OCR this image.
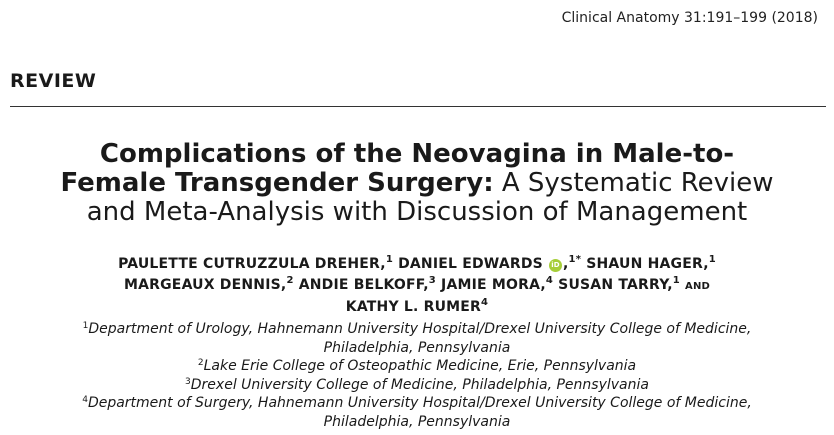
Clinical Anatomy 31:191–199 (2018)
REVIEW
Complications of the Neovagina in Male-to-
Female Transgender Surgery: A Systematic Review
and Meta-Analysis with Discussion of Management
PAULETTE CUTRUZZULA DREHER,$^1$ DANIEL EDWARDS iD ,$^{1*}$ SHAUN HAGER,$^1$
MARGEAUX DENNIS,$^2$ ANDIE BELKOFF,$^3$ JAMIE MORA,$^4$ SUSAN TARRY,$^1$ AND
KATHY L. RUMER$^4$
$^1$Department of Urology, Hahnemann University Hospital/Drexel University College of Medicine,
Philadelphia, Pennsylvania
$^2$Lake Erie College of Osteopathic Medicine, Erie, Pennsylvania
$^3$Drexel University College of Medicine, Philadelphia, Pennsylvania
$^4$Department of Surgery, Hahnemann University Hospital/Drexel University College of Medicine,
Philadelphia, Pennsylvania
